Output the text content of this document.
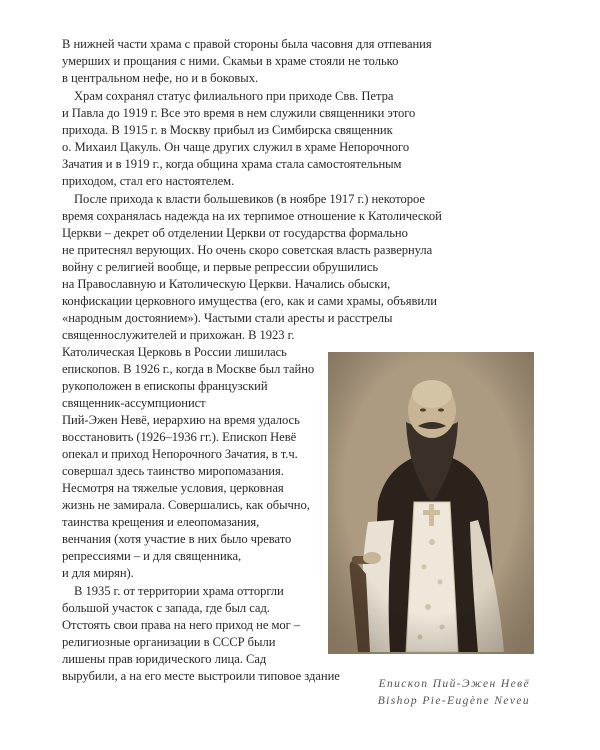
В нижней части храма с правой стороны была часовня для отпевания
умерших и прощания с ними. Скамьи в храме стояли не только
в центральном нефе, но и в боковых.
Храм сохранял статус филиального при приходе Свв. Петра
и Павла до 1919 г. Все это время в нем служили священники этого
прихода. В 1915 г. в Москву прибыл из Симбирска священник
о. Михаил Цакуль. Он чаще других служил в храме Непорочного
Зачатия и в 1919 г., когда община храма стала самостоятельным
приходом, стал его настоятелем.
После прихода к власти большевиков (в ноябре 1917 г.) некоторое
время сохранялась надежда на их терпимое отношение к Католической
Церкви – декрет об отделении Церкви от государства формально
не притеснял верующих. Но очень скоро советская власть развернула
войну с религией вообще, и первые репрессии обрушились
на Православную и Католическую Церкви. Начались обыски,
конфискации церковного имущества (его, как и сами храмы, объявили
«народным достоянием»). Частыми стали аресты и расстрелы
священнослужителей и прихожан. В 1923 г.
Католическая Церковь в России лишилась
епископов. В 1926 г., когда в Москве был тайно
рукоположен в епископы французский
священник-ассумпционист
Пий-Эжен Невё, иерархию на время удалось
восстановить (1926–1936 гг.). Епископ Невё
опекал и приход Непорочного Зачатия, в т.ч.
совершал здесь таинство миропомазания.
Несмотря на тяжелые условия, церковная
жизнь не замирала. Совершались, как обычно,
таинства крещения и елеопомазания,
венчания (хотя участие в них было чревато
репрессиями – и для священника,
и для мирян).
В 1935 г. от территории храма отторгли
большой участок с запада, где был сад.
Отстоять свои права на него приход не мог –
религиозные организации в СССР были
лишены прав юридического лица. Сад
вырубили, а на его месте выстроили типовое здание
Епископ Пий-Эжен Невё
Bishop Pie-Eugène Neveu
